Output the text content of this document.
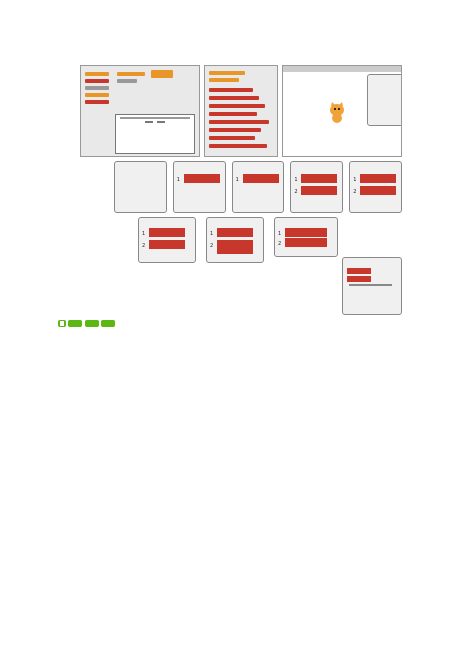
1	1	1
2
1
2

1
2
1
2
1
2
